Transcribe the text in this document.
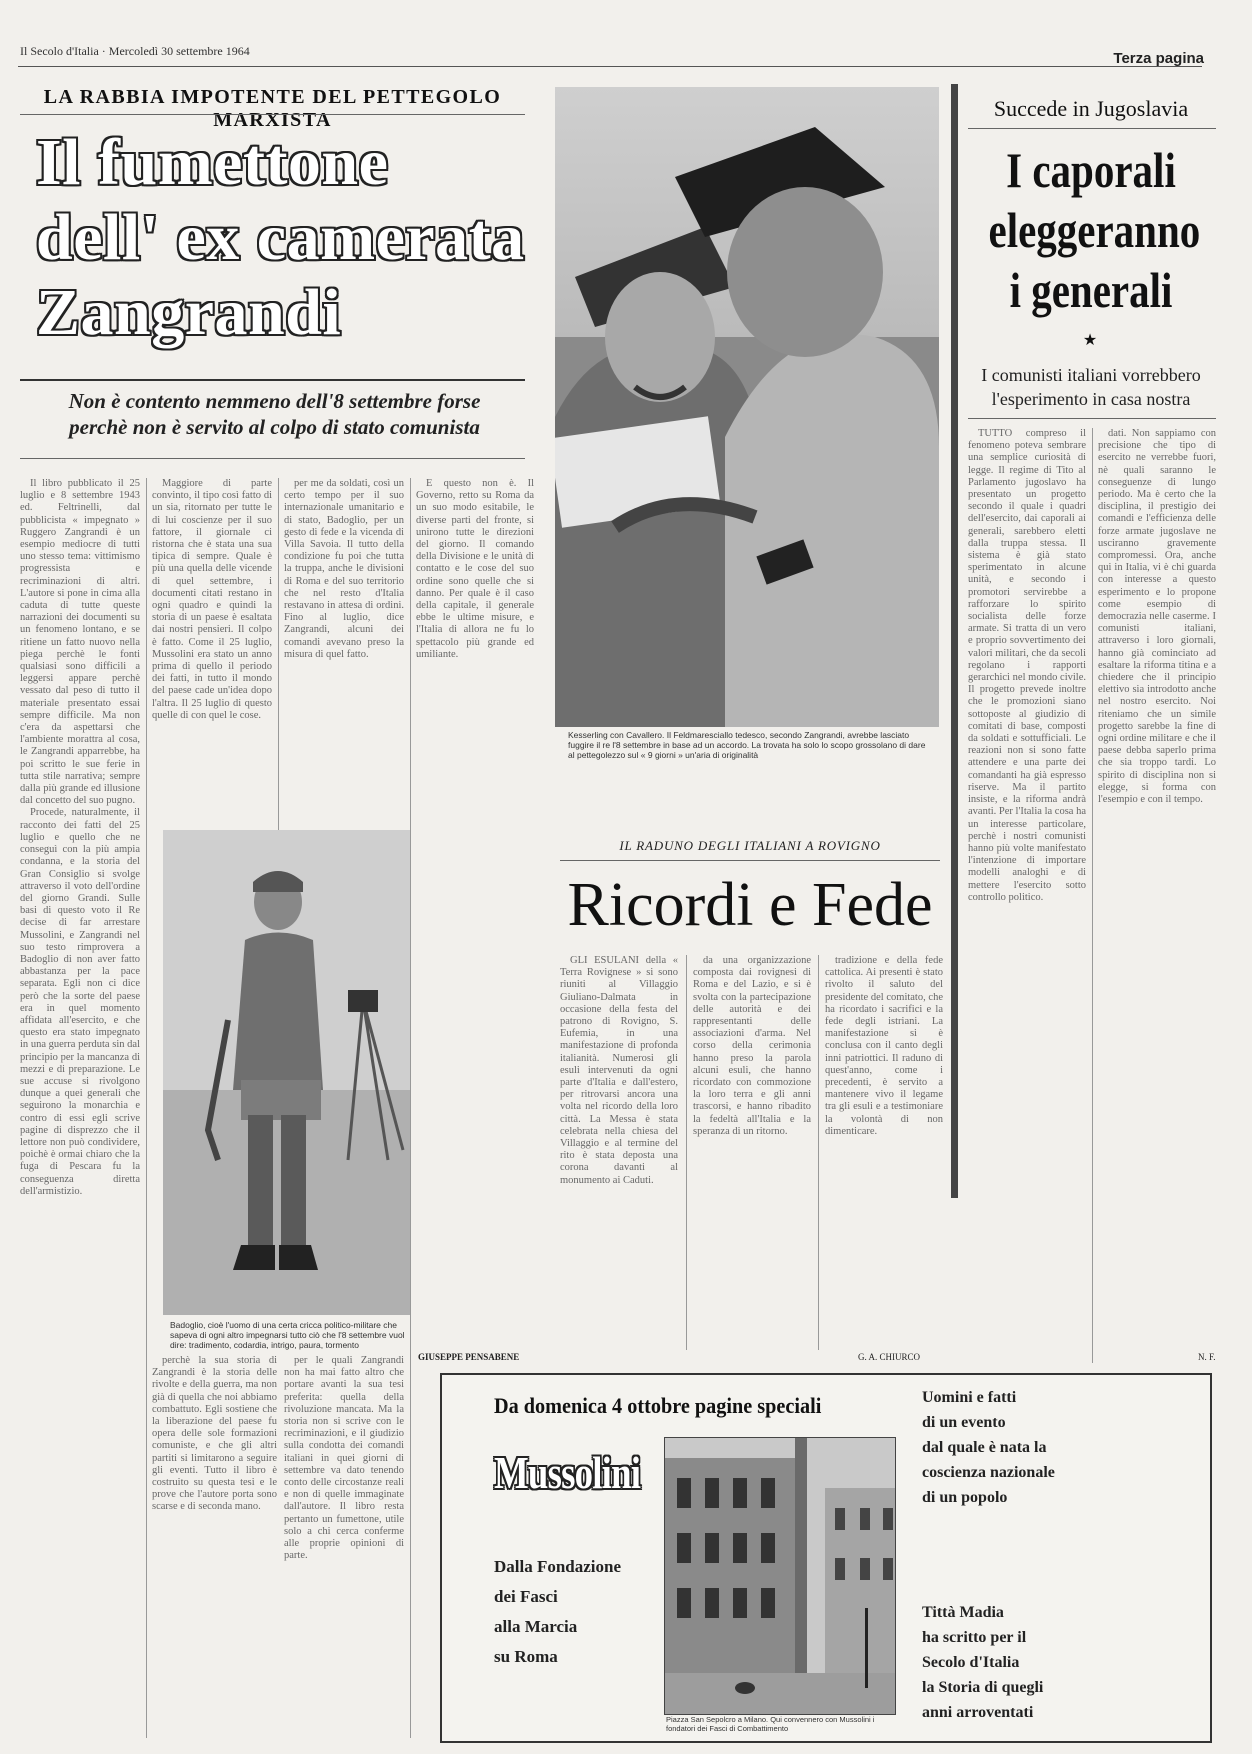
Il Secolo d'Italia · Mercoledì 30 settembre 1964	Terza pagina
LA RABBIA IMPOTENTE DEL PETTEGOLO MARXISTA
Il fumettone
dell' ex camerata
Zangrandi
Non è contento nemmeno dell'8 settembre forse
perchè non è servito al colpo di stato comunista

Il libro pubblicato il 25 luglio e 8 settembre 1943 ed. Feltrinelli, dal pubblicista « impegnato » Ruggero Zangrandi è un esempio mediocre di tutti uno stesso tema: vittimismo progressista e recriminazioni di altri. L'autore si pone in cima alla caduta di tutte queste narrazioni dei documenti su un fenomeno lontano, e se ritiene un fatto nuovo nella piega perchè le fonti qualsiasi sono difficili a leggersi appare perchè vessato dal peso di tutto il materiale presentato essai sempre difficile. Ma non c'era da aspettarsi che l'ambiente morattra al cosa, le Zangrandi apparrebbe, ha poi scritto le sue ferie in tutta stile narrativa; sempre dalla più grande ed illusione dal concetto del suo pugno.

Procede, naturalmente, il racconto dei fatti del 25 luglio e quello che ne conseguì con la più ampia condanna, e la storia del Gran Consiglio si svolge attraverso il voto dell'ordine del giorno Grandi. Sulle basi di questo voto il Re decise di far arrestare Mussolini, e Zangrandi nel suo testo rimprovera a Badoglio di non aver fatto abbastanza per la pace separata. Egli non ci dice però che la sorte del paese era in quel momento affidata all'esercito, e che questo era stato impegnato in una guerra perduta sin dal principio per la mancanza di mezzi e di preparazione. Le sue accuse si rivolgono dunque a quei generali che seguirono la monarchia e contro di essi egli scrive pagine di disprezzo che il lettore non può condividere, poichè è ormai chiaro che la fuga di Pescara fu la conseguenza diretta dell'armistizio.

Maggiore di parte convinto, il tipo così fatto di un sia, ritornato per tutte le di lui coscienze per il suo fattore, il giornale ci ristorna che è stata una sua tipica di sempre. Quale è più una quella delle vicende di quel settembre, i documenti citati restano in ogni quadro e quindi la storia di un paese è esaltata dai nostri pensieri. Il colpo è fatto. Come il 25 luglio, Mussolini era stato un anno prima di quello il periodo dei fatti, in tutto il mondo del paese cade un'idea dopo l'altra. Il 25 luglio di questo quelle di con quel le cose.

per me da soldati, così un certo tempo per il suo internazionale umanitario e di stato, Badoglio, per un gesto di fede e la vicenda di Villa Savoia. Il tutto della condizione fu poi che tutta la truppa, anche le divisioni di Roma e del suo territorio che nel resto d'Italia restavano in attesa di ordini. Fino al luglio, dice Zangrandi, alcuni dei comandi avevano preso la misura di quel fatto.

E questo non è. Il Governo, retto su Roma da un suo modo esitabile, le diverse parti del fronte, si unirono tutte le direzioni del giorno. Il comando della Divisione e le unità di contatto e le cose del suo ordine sono quelle che si danno. Per quale è il caso della capitale, il generale ebbe le ultime misure, e l'Italia di allora ne fu lo spettacolo più grande ed umiliante.

perchè la sua storia di Zangrandi è la storia delle rivolte e della guerra, ma non già di quella che noi abbiamo combattuto. Egli sostiene che la liberazione del paese fu opera delle sole formazioni comuniste, e che gli altri partiti si limitarono a seguire gli eventi. Tutto il libro è costruito su questa tesi e le prove che l'autore porta sono scarse e di seconda mano.

per le quali Zangrandi non ha mai fatto altro che portare avanti la sua tesi preferita: quella della rivoluzione mancata. Ma la storia non si scrive con le recriminazioni, e il giudizio sulla condotta dei comandi italiani in quei giorni di settembre va dato tenendo conto delle circostanze reali e non di quelle immaginate dall'autore. Il libro resta pertanto un fumettone, utile solo a chi cerca conferme alle proprie opinioni di parte.

Kesserling con Cavallero. Il Feldmaresciallo tedesco, secondo Zangrandi, avrebbe lasciato fuggire il re l'8 settembre in base ad un accordo. La trovata ha solo lo scopo grossolano di dare al pettegolezzo sul « 9 giorni » un'aria di originalità
Badoglio, cioè l'uomo di una certa cricca politico-militare che sapeva di ogni altro impegnarsi tutto ciò che l'8 settembre vuol dire: tradimento, codardia, intrigo, paura, tormento
Succede in Jugoslavia
I caporali
eleggeranno
i generali
★
I comunisti italiani vorrebbero
l'esperimento in casa nostra

TUTTO compreso il fenomeno poteva sembrare una semplice curiosità di legge. Il regime di Tito al Parlamento jugoslavo ha presentato un progetto secondo il quale i quadri dell'esercito, dai caporali ai generali, sarebbero eletti dalla truppa stessa. Il sistema è già stato sperimentato in alcune unità, e secondo i promotori servirebbe a rafforzare lo spirito socialista delle forze armate. Si tratta di un vero e proprio sovvertimento dei valori militari, che da secoli regolano i rapporti gerarchici nel mondo civile. Il progetto prevede inoltre che le promozioni siano sottoposte al giudizio di comitati di base, composti da soldati e sottufficiali. Le reazioni non si sono fatte attendere e una parte dei comandanti ha già espresso riserve. Ma il partito insiste, e la riforma andrà avanti. Per l'Italia la cosa ha un interesse particolare, perchè i nostri comunisti hanno più volte manifestato l'intenzione di importare modelli analoghi e di mettere l'esercito sotto controllo politico.

dati. Non sappiamo con precisione che tipo di esercito ne verrebbe fuori, nè quali saranno le conseguenze di lungo periodo. Ma è certo che la disciplina, il prestigio dei comandi e l'efficienza delle forze armate jugoslave ne usciranno gravemente compromessi. Ora, anche qui in Italia, vi è chi guarda con interesse a questo esperimento e lo propone come esempio di democrazia nelle caserme. I comunisti italiani, attraverso i loro giornali, hanno già cominciato ad esaltare la riforma titina e a chiedere che il principio elettivo sia introdotto anche nel nostro esercito. Noi riteniamo che un simile progetto sarebbe la fine di ogni ordine militare e che il paese debba saperlo prima che sia troppo tardi. Lo spirito di disciplina non si elegge, si forma con l'esempio e con il tempo.

N. F.
IL RADUNO DEGLI ITALIANI A ROVIGNO
Ricordi e Fede

GLI ESULANI della « Terra Rovignese » si sono riuniti al Villaggio Giuliano-Dalmata in occasione della festa del patrono di Rovigno, S. Eufemia, in una manifestazione di profonda italianità. Numerosi gli esuli intervenuti da ogni parte d'Italia e dall'estero, per ritrovarsi ancora una volta nel ricordo della loro città. La Messa è stata celebrata nella chiesa del Villaggio e al termine del rito è stata deposta una corona davanti al monumento ai Caduti.

da una organizzazione composta dai rovignesi di Roma e del Lazio, e si è svolta con la partecipazione delle autorità e dei rappresentanti delle associazioni d'arma. Nel corso della cerimonia hanno preso la parola alcuni esuli, che hanno ricordato con commozione la loro terra e gli anni trascorsi, e hanno ribadito la fedeltà all'Italia e la speranza di un ritorno.

tradizione e della fede cattolica. Ai presenti è stato rivolto il saluto del presidente del comitato, che ha ricordato i sacrifici e la fede degli istriani. La manifestazione si è conclusa con il canto degli inni patriottici. Il raduno di quest'anno, come i precedenti, è servito a mantenere vivo il legame tra gli esuli e a testimoniare la volontà di non dimenticare.

G. A. CHIURCO
GIUSEPPE PENSABENE
Da domenica 4 ottobre pagine speciali
Mussolini
Dalla Fondazione
dei Fasci
alla Marcia
su Roma
Piazza San Sepolcro a Milano. Qui convennero con Mussolini i fondatori dei Fasci di Combattimento
Uomini e fatti
di un evento
dal quale è nata la
coscienza nazionale
di un popolo
Tittà Madia
ha scritto per il
Secolo d'Italia
la Storia di quegli
anni arroventati
